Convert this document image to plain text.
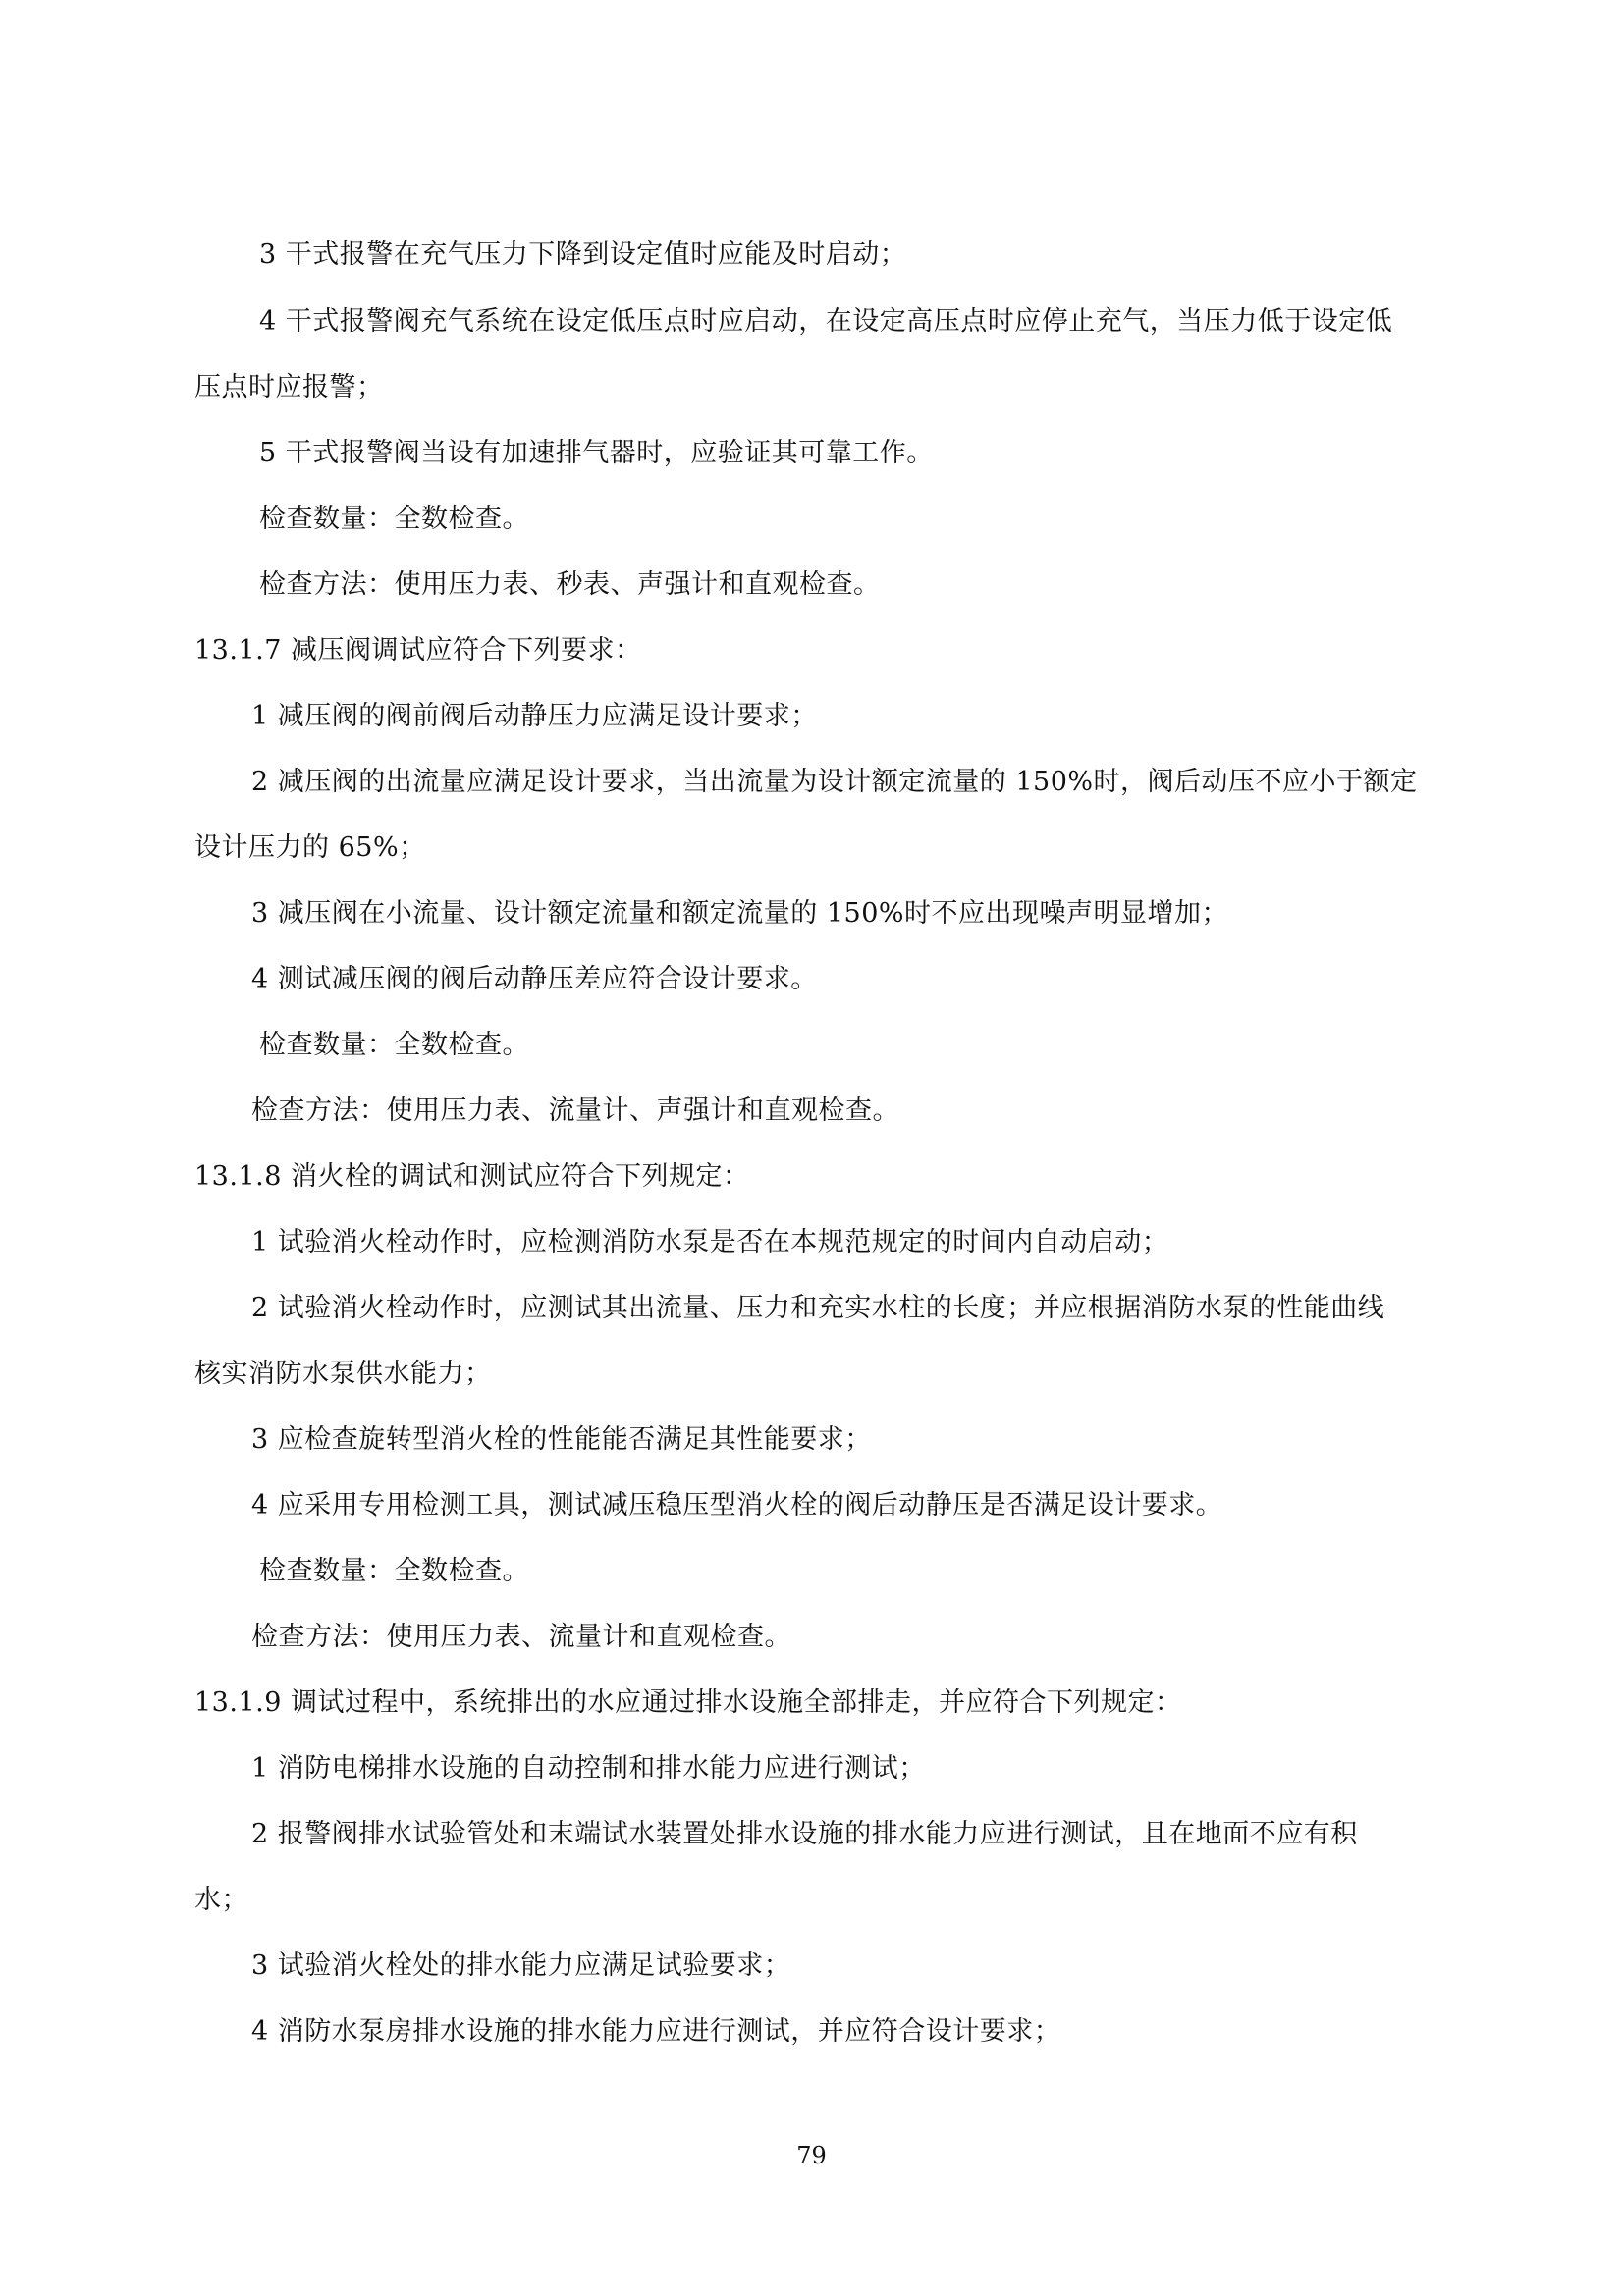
3 干式报警在充气压力下降到设定值时应能及时启动；
4 干式报警阀充气系统在设定低压点时应启动，在设定高压点时应停止充气，当压力低于设定低
压点时应报警；
5 干式报警阀当设有加速排气器时，应验证其可靠工作。
检查数量：全数检查。
检查方法：使用压力表、秒表、声强计和直观检查。
13.1.7 减压阀调试应符合下列要求：
1 减压阀的阀前阀后动静压力应满足设计要求；
2 减压阀的出流量应满足设计要求，当出流量为设计额定流量的 150%时，阀后动压不应小于额定
设计压力的 65%；
3 减压阀在小流量、设计额定流量和额定流量的 150%时不应出现噪声明显增加；
4 测试减压阀的阀后动静压差应符合设计要求。
检查数量：全数检查。
检查方法：使用压力表、流量计、声强计和直观检查。
13.1.8 消火栓的调试和测试应符合下列规定：
1 试验消火栓动作时，应检测消防水泵是否在本规范规定的时间内自动启动；
2 试验消火栓动作时，应测试其出流量、压力和充实水柱的长度；并应根据消防水泵的性能曲线
核实消防水泵供水能力；
3 应检查旋转型消火栓的性能能否满足其性能要求；
4 应采用专用检测工具，测试减压稳压型消火栓的阀后动静压是否满足设计要求。
检查数量：全数检查。
检查方法：使用压力表、流量计和直观检查。
13.1.9 调试过程中，系统排出的水应通过排水设施全部排走，并应符合下列规定：
1 消防电梯排水设施的自动控制和排水能力应进行测试；
2 报警阀排水试验管处和末端试水装置处排水设施的排水能力应进行测试，且在地面不应有积
水；
3 试验消火栓处的排水能力应满足试验要求；
4 消防水泵房排水设施的排水能力应进行测试，并应符合设计要求；
79
